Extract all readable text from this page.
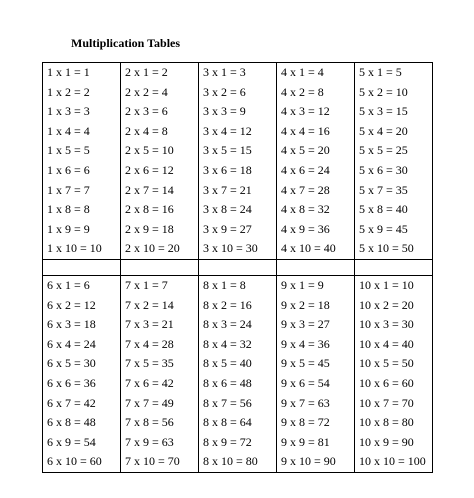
Multiplication Tables
1 x 1 = 1	2 x 1 = 2	3 x 1 = 3	4 x 1 = 4	5 x 1 = 5
1 x 2 = 2	2 x 2 = 4	3 x 2 = 6	4 x 2 = 8	5 x 2 = 10
1 x 3 = 3	2 x 3 = 6	3 x 3 = 9	4 x 3 = 12	5 x 3 = 15
1 x 4 = 4	2 x 4 = 8	3 x 4 = 12	4 x 4 = 16	5 x 4 = 20
1 x 5 = 5	2 x 5 = 10	3 x 5 = 15	4 x 5 = 20	5 x 5 = 25
1 x 6 = 6	2 x 6 = 12	3 x 6 = 18	4 x 6 = 24	5 x 6 = 30
1 x 7 = 7	2 x 7 = 14	3 x 7 = 21	4 x 7 = 28	5 x 7 = 35
1 x 8 = 8	2 x 8 = 16	3 x 8 = 24	4 x 8 = 32	5 x 8 = 40
1 x 9 = 9	2 x 9 = 18	3 x 9 = 27	4 x 9 = 36	5 x 9 = 45
1 x 10 = 10	2 x 10 = 20	3 x 10 = 30	4 x 10 = 40	5 x 10 = 50

6 x 1 = 6	7 x 1 = 7	8 x 1 = 8	9 x 1 = 9	10 x 1 = 10
6 x 2 = 12	7 x 2 = 14	8 x 2 = 16	9 x 2 = 18	10 x 2 = 20
6 x 3 = 18	7 x 3 = 21	8 x 3 = 24	9 x 3 = 27	10 x 3 = 30
6 x 4 = 24	7 x 4 = 28	8 x 4 = 32	9 x 4 = 36	10 x 4 = 40
6 x 5 = 30	7 x 5 = 35	8 x 5 = 40	9 x 5 = 45	10 x 5 = 50
6 x 6 = 36	7 x 6 = 42	8 x 6 = 48	9 x 6 = 54	10 x 6 = 60
6 x 7 = 42	7 x 7 = 49	8 x 7 = 56	9 x 7 = 63	10 x 7 = 70
6 x 8 = 48	7 x 8 = 56	8 x 8 = 64	9 x 8 = 72	10 x 8 = 80
6 x 9 = 54	7 x 9 = 63	8 x 9 = 72	9 x 9 = 81	10 x 9 = 90
6 x 10 = 60	7 x 10 = 70	8 x 10 = 80	9 x 10 = 90	10 x 10 = 100
